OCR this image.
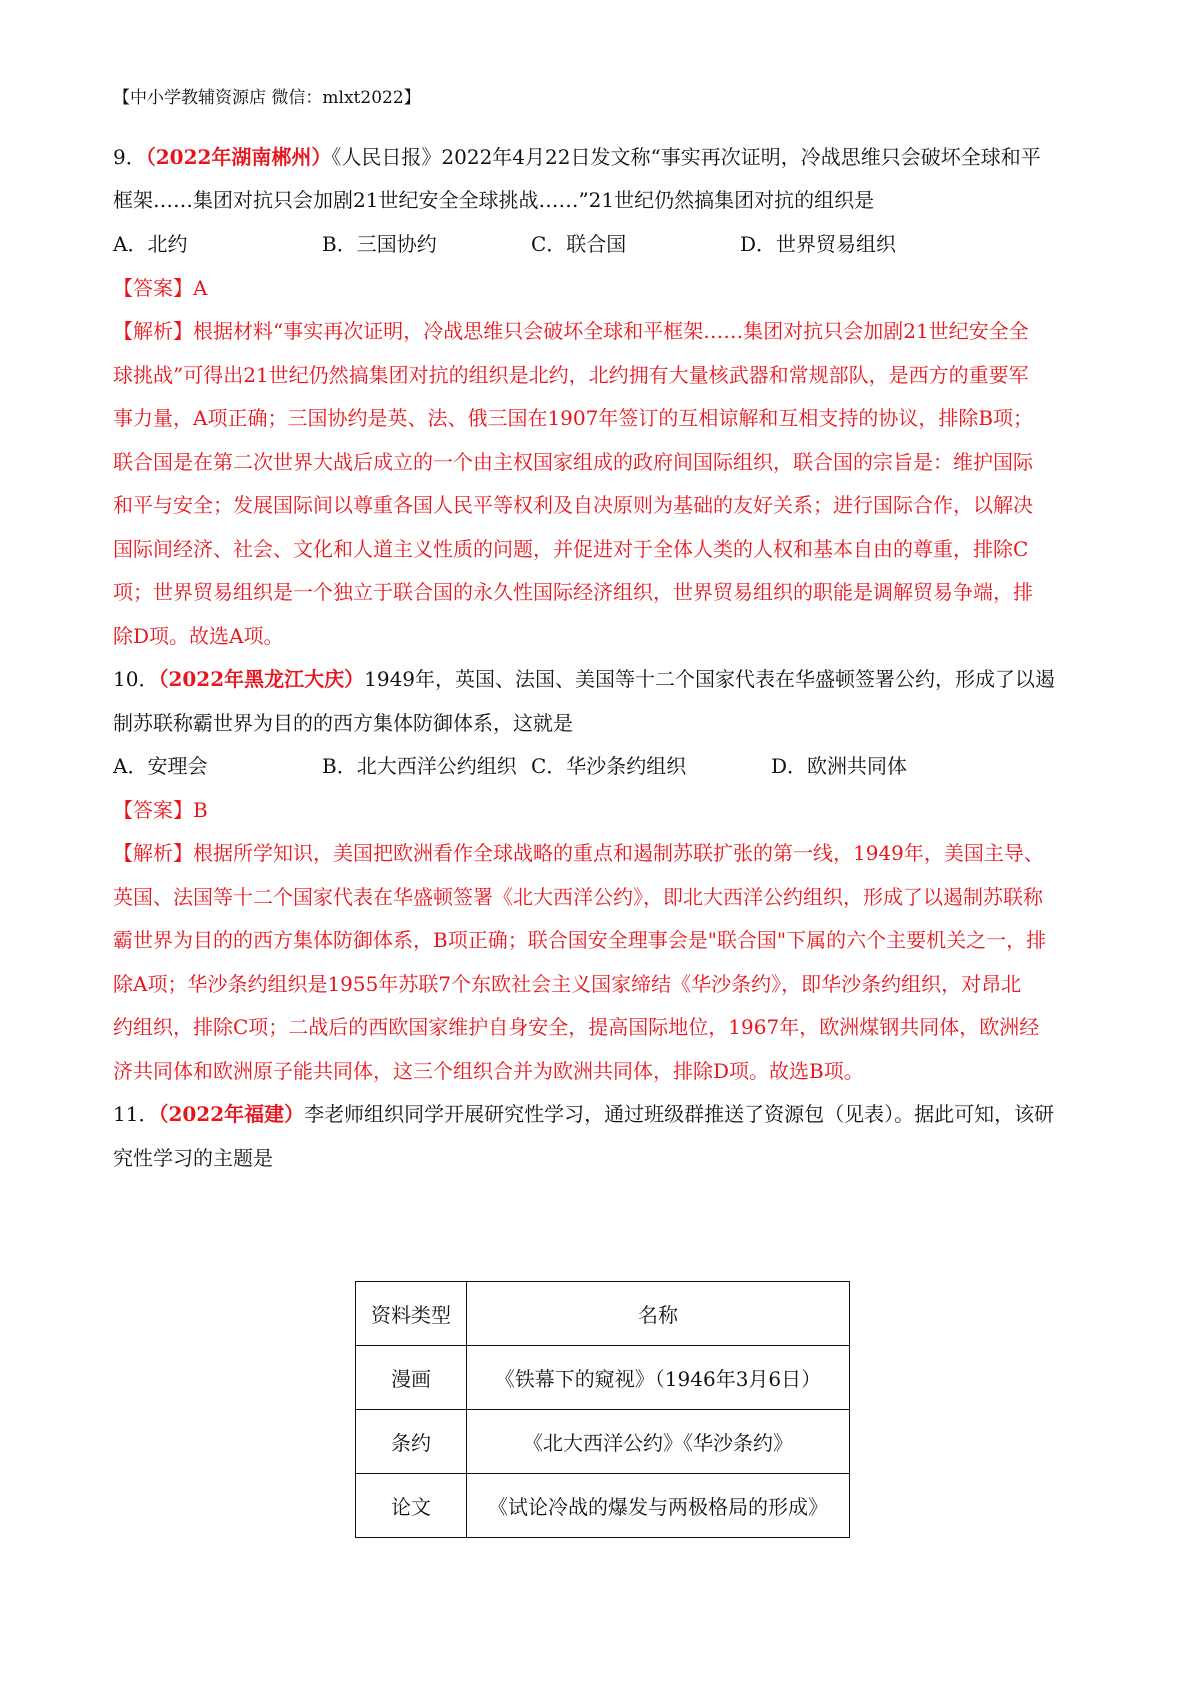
【中小学教辅资源店 微信：mlxt2022】
9．（2022年湖南郴州）《人民日报》2022年4月22日发文称“事实再次证明，冷战思维只会破坏全球和平
框架……集团对抗只会加剧21世纪安全全球挑战……”21世纪仍然搞集团对抗的组织是
A．北约	B．三国协约	C．联合国	D．世界贸易组织
【答案】A
【解析】根据材料“事实再次证明，冷战思维只会破坏全球和平框架……集团对抗只会加剧21世纪安全全
球挑战”可得出21世纪仍然搞集团对抗的组织是北约，北约拥有大量核武器和常规部队，是西方的重要军
事力量，A项正确；三国协约是英、法、俄三国在1907年签订的互相谅解和互相支持的协议，排除B项；
联合国是在第二次世界大战后成立的一个由主权国家组成的政府间国际组织，联合国的宗旨是：维护国际
和平与安全；发展国际间以尊重各国人民平等权利及自决原则为基础的友好关系；进行国际合作，以解决
国际间经济、社会、文化和人道主义性质的问题，并促进对于全体人类的人权和基本自由的尊重，排除C
项；世界贸易组织是一个独立于联合国的永久性国际经济组织，世界贸易组织的职能是调解贸易争端，排
除D项。故选A项。
10．（2022年黑龙江大庆）1949年，英国、法国、美国等十二个国家代表在华盛顿签署公约，形成了以遏
制苏联称霸世界为目的的西方集体防御体系，这就是
A．安理会	B．北大西洋公约组织 C．华沙条约组织	D．欧洲共同体
【答案】B
【解析】根据所学知识，美国把欧洲看作全球战略的重点和遏制苏联扩张的第一线，1949年，美国主导、
英国、法国等十二个国家代表在华盛顿签署《北大西洋公约》，即北大西洋公约组织，形成了以遏制苏联称
霸世界为目的的西方集体防御体系，B项正确；联合国安全理事会是"联合国"下属的六个主要机关之一，排
除A项；华沙条约组织是1955年苏联7个东欧社会主义国家缔结《华沙条约》，即华沙条约组织，对昂北
约组织，排除C项；二战后的西欧国家维护自身安全，提高国际地位，1967年，欧洲煤钢共同体，欧洲经
济共同体和欧洲原子能共同体，这三个组织合并为欧洲共同体，排除D项。故选B项。
11．（2022年福建）李老师组织同学开展研究性学习，通过班级群推送了资源包（见表）。据此可知，该研
究性学习的主题是
资料类型	名称
漫画	《铁幕下的窥视》（1946年3月6日）
条约	《北大西洋公约》《华沙条约》
论文	《试论冷战的爆发与两极格局的形成》
